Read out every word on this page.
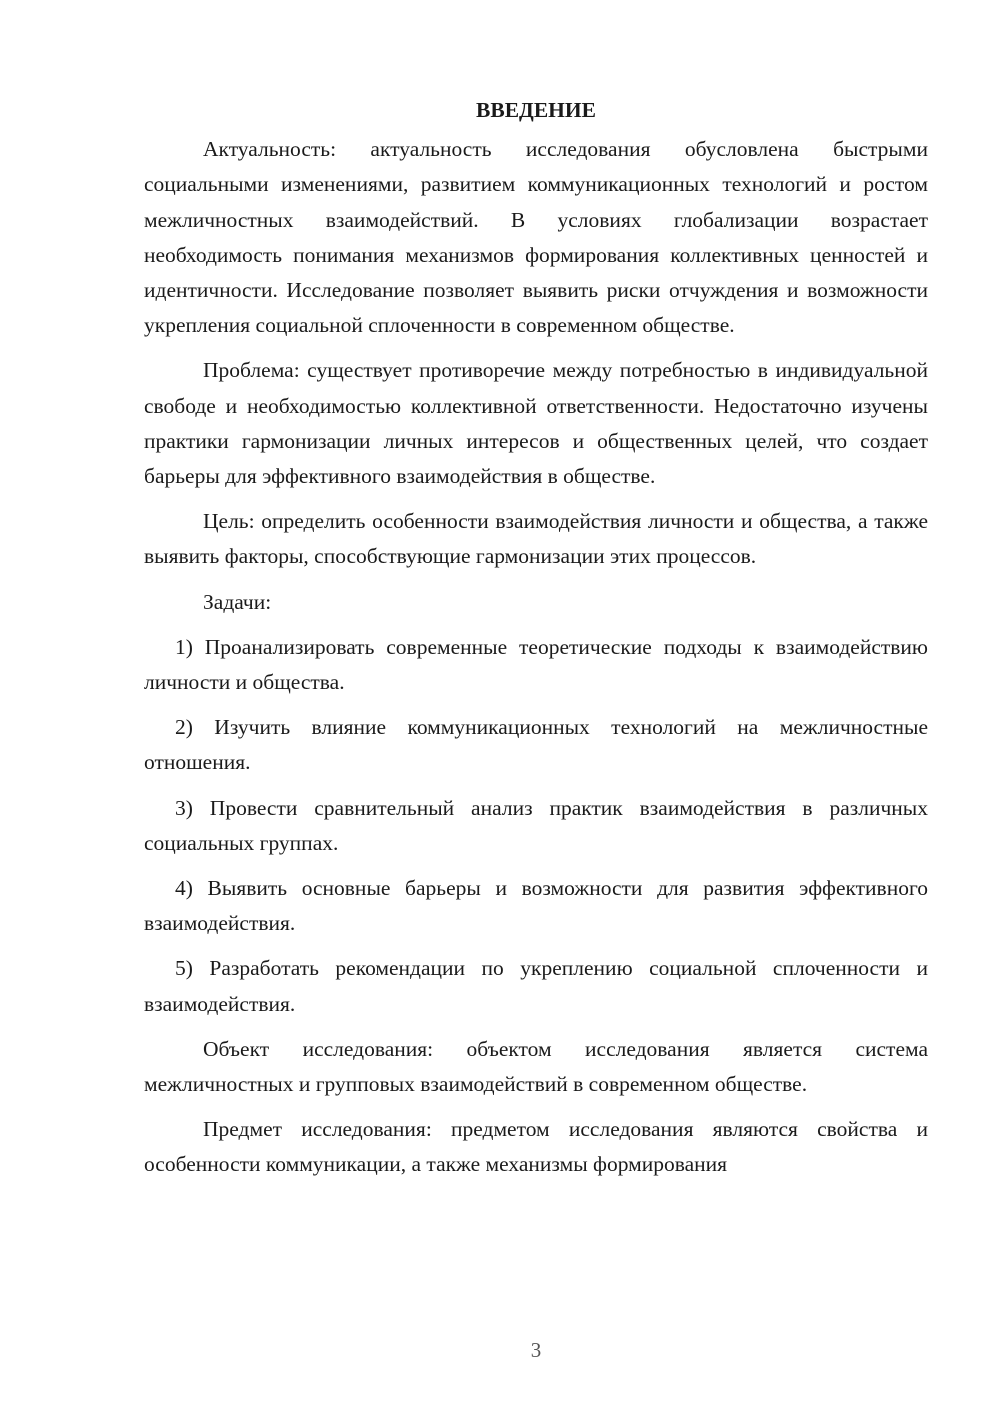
ВВЕДЕНИЕ

Актуальность: актуальность исследования обусловлена быстрыми социальными изменениями, развитием коммуникационных технологий и ростом межличностных взаимодействий. В условиях глобализации возрастает необходимость понимания механизмов формирования коллективных ценностей и идентичности. Исследование позволяет выявить риски отчуждения и возможности укрепления социальной сплоченности в современном обществе.

Проблема: существует противоречие между потребностью в индивидуальной свободе и необходимостью коллективной ответственности. Недостаточно изучены практики гармонизации личных интересов и общественных целей, что создает барьеры для эффективного взаимодействия в обществе.

Цель: определить особенности взаимодействия личности и общества, а также выявить факторы, способствующие гармонизации этих процессов.

Задачи:

1) Проанализировать современные теоретические подходы к взаимодействию личности и общества.

2) Изучить влияние коммуникационных технологий на межличностные отношения.

3) Провести сравнительный анализ практик взаимодействия в различных социальных группах.

4) Выявить основные барьеры и возможности для развития эффективного взаимодействия.

5) Разработать рекомендации по укреплению социальной сплоченности и взаимодействия.

Объект исследования: объектом исследования является система межличностных и групповых взаимодействий в современном обществе.

Предмет исследования: предметом исследования являются свойства и особенности коммуникации, а также механизмы формирования

3
